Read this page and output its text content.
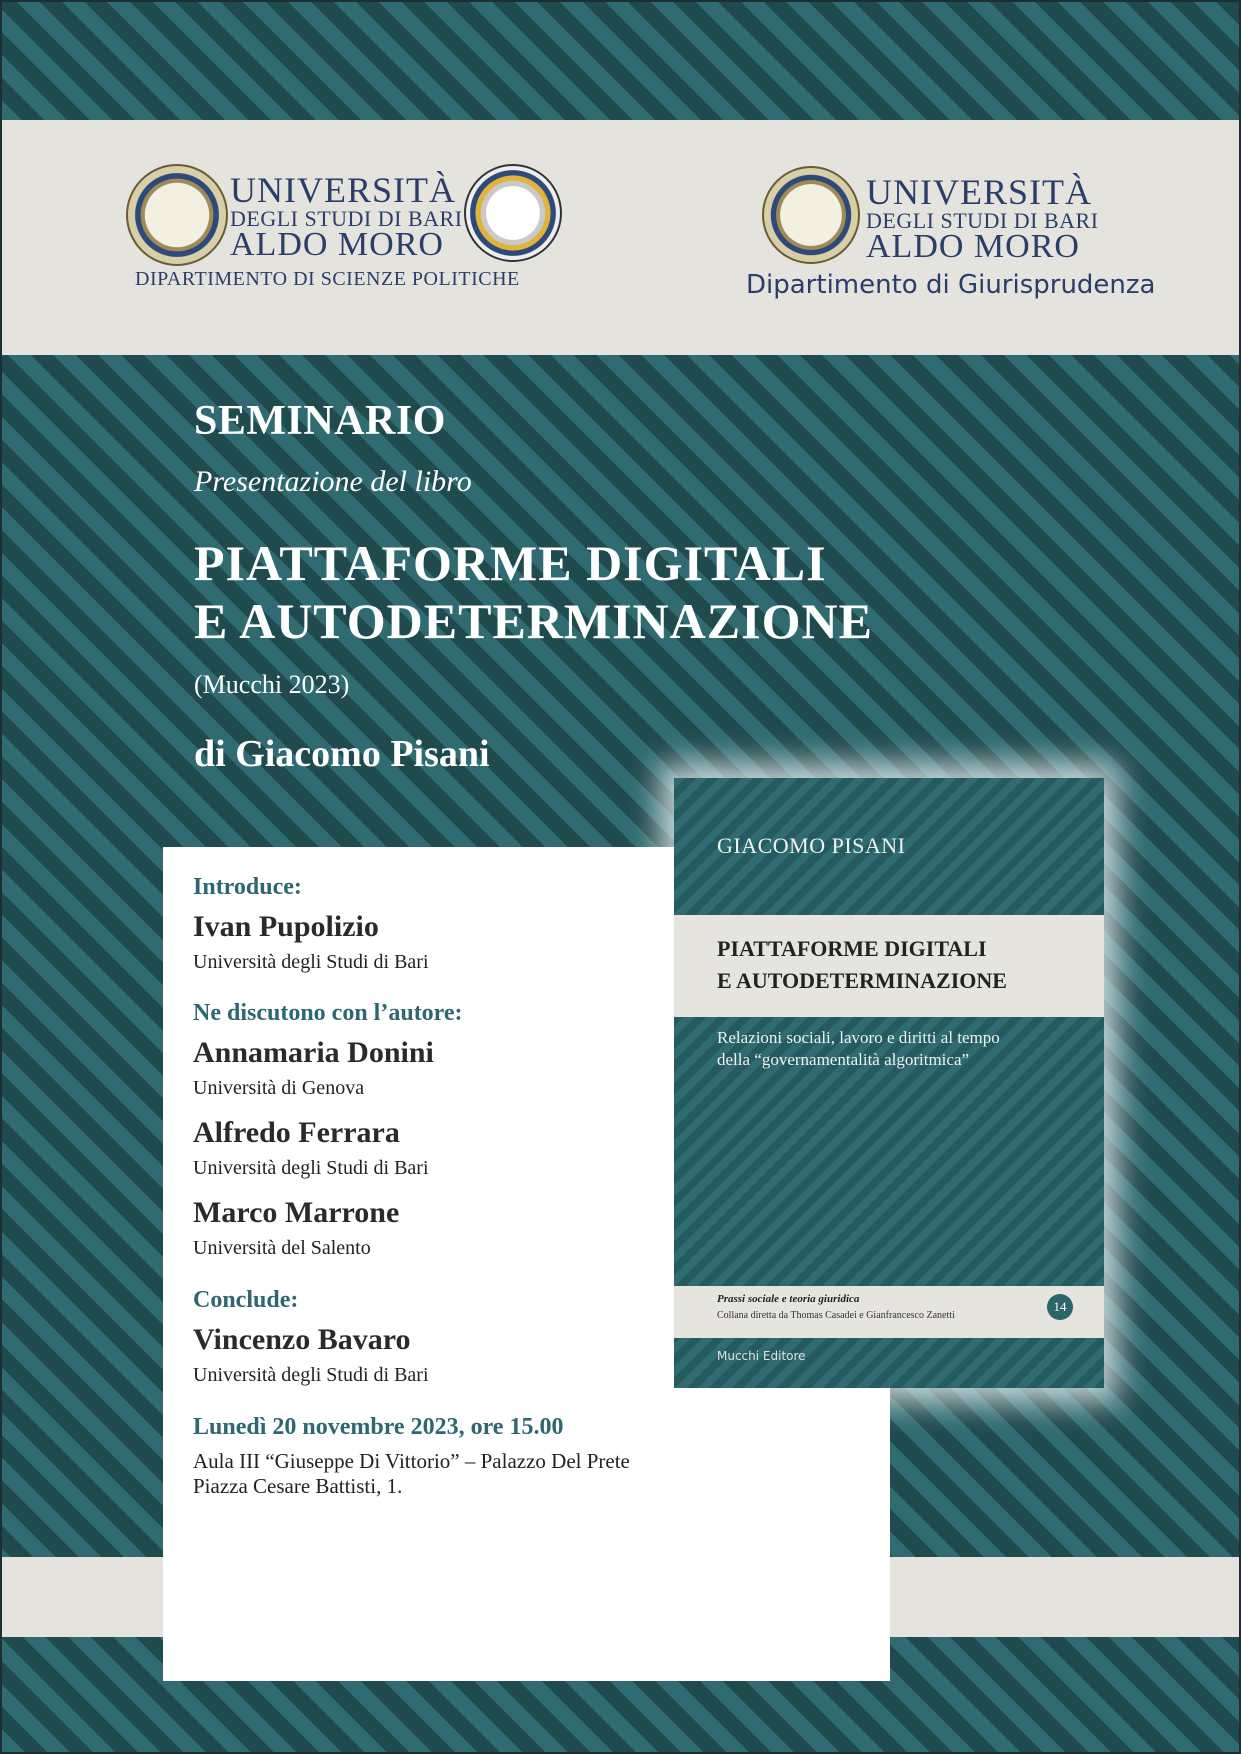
UNIVERSITÀ
DEGLI STUDI DI BARI
ALDO MORO
DIPARTIMENTO DI SCIENZE POLITICHE
UNIVERSITÀ
DEGLI STUDI DI BARI
ALDO MORO
Dipartimento di Giurisprudenza
SEMINARIO
Presentazione del libro
PIATTAFORME DIGITALI
E AUTODETERMINAZIONE
(Mucchi 2023)
di Giacomo Pisani
Introduce:
Ivan Pupolizio
Università degli Studi di Bari
Ne discutono con l’autore:
Annamaria Donini
Università di Genova
Alfredo Ferrara
Università degli Studi di Bari
Marco Marrone
Università del Salento
Conclude:
Vincenzo Bavaro
Università degli Studi di Bari
Lunedì 20 novembre 2023, ore 15.00
Aula III “Giuseppe Di Vittorio” – Palazzo Del Prete
Piazza Cesare Battisti, 1.
GIACOMO PISANI
PIATTAFORME DIGITALI
E AUTODETERMINAZIONE
Relazioni sociali, lavoro e diritti al tempo
della “governamentalità algoritmica”
Prassi sociale e teoria giuridica
Collana diretta da Thomas Casadei e Gianfrancesco Zanetti
14
Mucchi Editore
